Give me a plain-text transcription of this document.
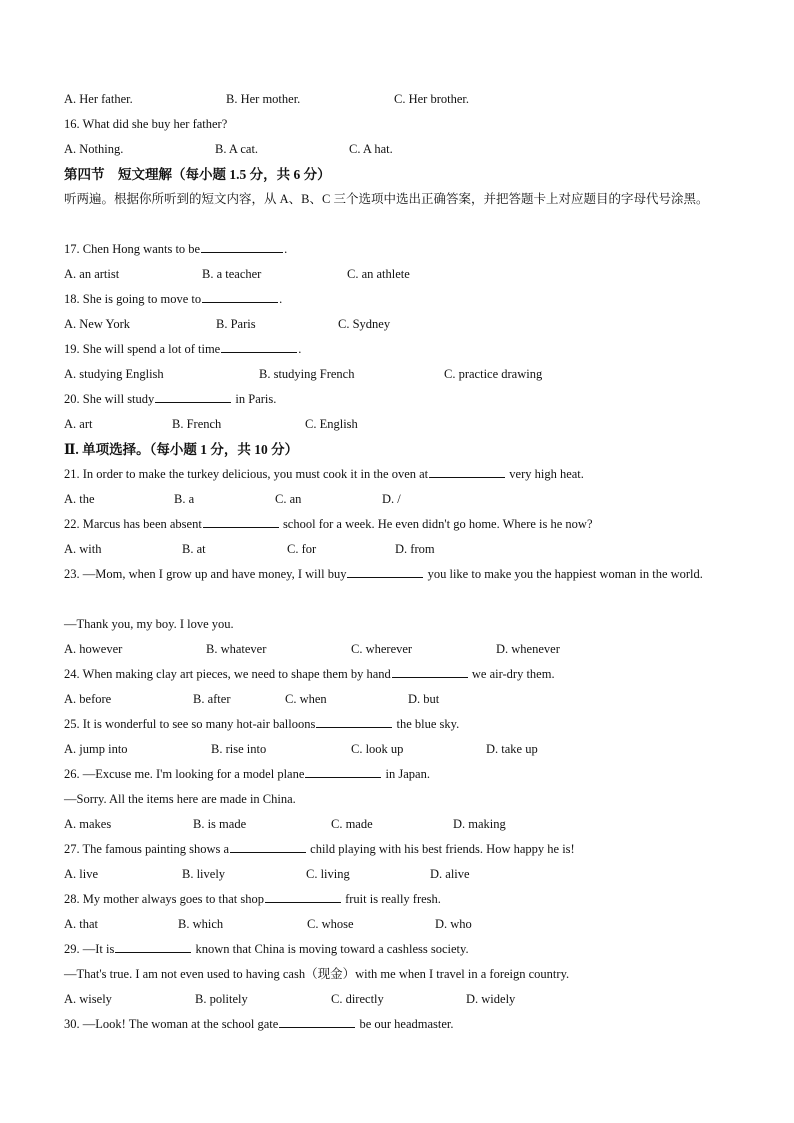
A. Her father.	B. Her mother.	C. Her brother.
16. What did she buy her father?
A. Nothing.	B. A cat.	C. A hat.
第四节　短文理解（每小题 1.5 分，共 6 分）
听两遍。根据你所听到的短文内容，从 A、B、C 三个选项中选出正确答案，并把答题卡上对应题目的字母代号涂黑。
17. Chen Hong wants to be	.
A. an artist	B. a teacher	C. an athlete
18. She is going to move to	.
A. New York	B. Paris	C. Sydney
19. She will spend a lot of time	.
A. studying English	B. studying French	C. practice drawing
20. She will study	in Paris.
A. art	B. French	C. English
Ⅱ. 单项选择。（每小题 1 分，共 10 分）
21. In order to make the turkey delicious, you must cook it in the oven at	very high heat.
A. the	B. a	C. an	D. /
22. Marcus has been absent	school for a week. He even didn't go home. Where is he now?
A. with	B. at	C. for	D. from
23. —Mom, when I grow up and have money, I will buy	you like to make you the happiest woman in the world.
—Thank you, my boy. I love you.
A. however	B. whatever	C. wherever	D. whenever
24. When making clay art pieces, we need to shape them by hand	we air-dry them.
A. before	B. after	C. when	D. but
25. It is wonderful to see so many hot-air balloons	the blue sky.
A. jump into	B. rise into	C. look up	D. take up
26. —Excuse me. I'm looking for a model plane	in Japan.
—Sorry. All the items here are made in China.
A. makes	B. is made	C. made	D. making
27. The famous painting shows a	child playing with his best friends. How happy he is!
A. live	B. lively	C. living	D. alive
28. My mother always goes to that shop	fruit is really fresh.
A. that	B. which	C. whose	D. who
29. —It is	known that China is moving toward a cashless society.
—That's true. I am not even used to having cash（现金）with me when I travel in a foreign country.
A. wisely	B. politely	C. directly	D. widely
30. —Look! The woman at the school gate	be our headmaster.
